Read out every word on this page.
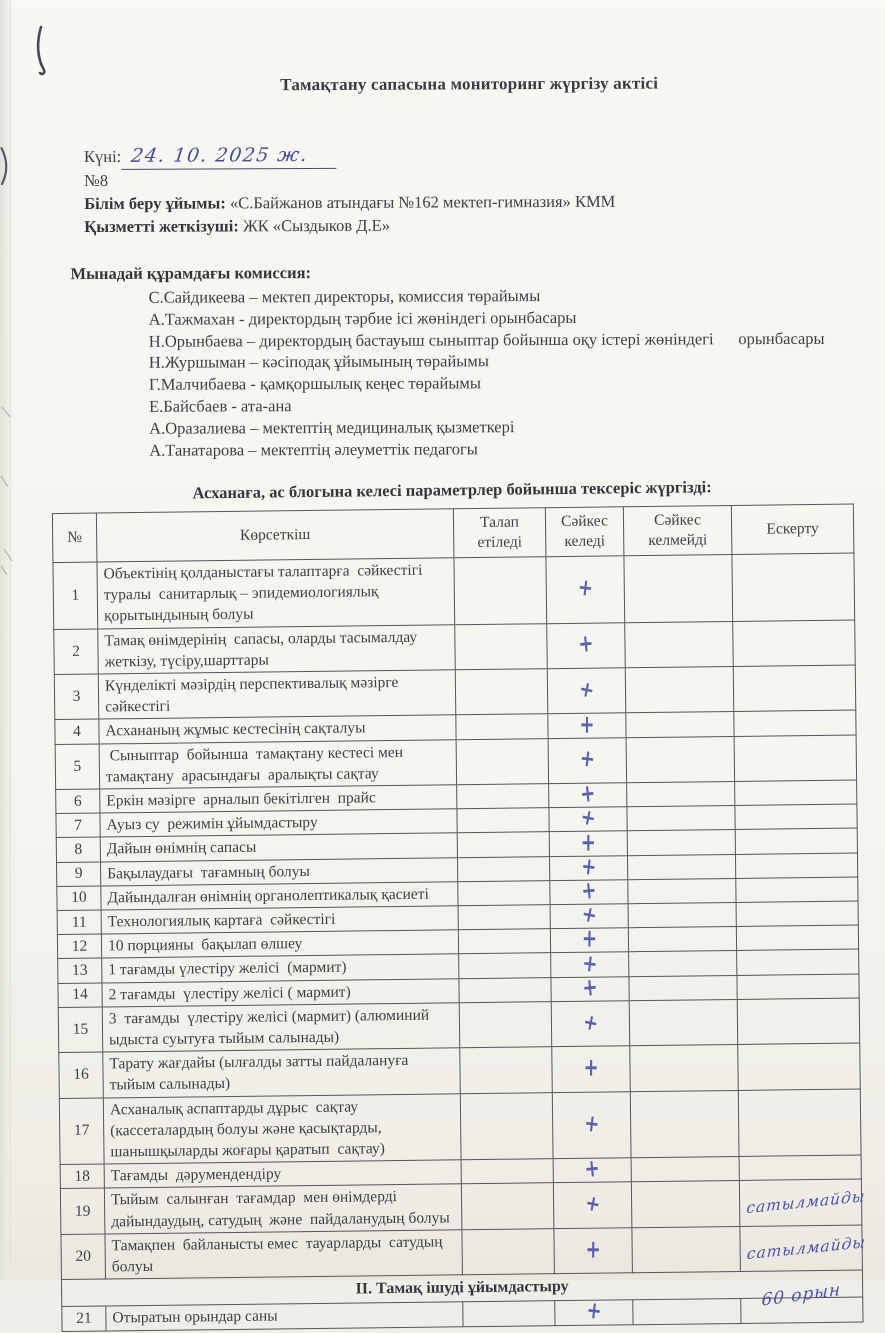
Тамақтану сапасына мониторинг жүргізу актісі
Күні: 24. 10. 2025 ж.
№8
Білім беру ұйымы: «С.Байжанов атындағы №162 мектеп-гимназия» КММ
Қызметті жеткізуші: ЖК «Сыздыков Д.Е»
Мынадай құрамдағы комиссия:
С.Сайдикеева – мектеп директоры, комиссия төрайымы
А.Тажмахан - директордың тәрбие ісі жөніндегі орынбасары
Н.Орынбаева – директордың бастауыш сыныптар бойынша оқу істері жөніндегі      орынбасары
Н.Журшыман – кәсіподақ ұйымының төрайымы
Г.Малчибаева - қамқоршылық кеңес төрайымы
Е.Байсбаев - ата-ана
А.Оразалиева – мектептің медициналық қызметкері
А.Танатарова – мектептің әлеуметтік педагогы
Асханаға, ас блогына келесі параметрлер бойынша тексеріс жүргізді:
№	Көрсеткіш	Талап етіледі	Сәйкес келеді	Сәйкес келмейді	Ескерту
1	Объектінің қолданыстағы талаптарға  сәйкестігі туралы  санитарлық – эпидемиологиялық қорытындының болуы		+		
2	Тамақ өнімдерінің  сапасы, оларды тасымалдау жеткізу, түсіру,шарттары		+		
3	Күнделікті мәзірдің перспективалық мәзірге сәйкестігі		+		
4	Асхананың жұмыс кестесінің сақталуы		+		
5	Сыныптар  бойынша  тамақтану кестесі мен тамақтану  арасындағы  аралықты сақтау		+		
6	Еркін мәзірге  арналып бекітілген  прайс		+		
7	Ауыз су  режимін ұйымдастыру		+		
8	Дайын өнімнің сапасы		+		
9	Бақылаудағы  тағамның болуы		+		
10	Дайындалған өнімнің органолептикалық қасиеті		+		
11	Технологиялық картаға  сәйкестігі		+		
12	10 порцияны  бақылап өлшеу		+		
13	1 тағамды үлестіру желісі  (мармит)		+		
14	2 тағамды  үлестіру желісі ( мармит)		+		
15	3  тағамды  үлестіру желісі (мармит) (алюминий ыдыста суытуға тыйым салынады)		+		
16	Тарату жағдайы (ылғалды затты пайдалануға тыйым салынады)		+		
17	Асханалық аспаптарды дұрыс  сақтау (кассеталардың болуы және қасықтарды, шанышқыларды жоғары қаратып  сақтау)		+		
18	Тағамды  дәрумендендіру		+		
19	Тыйым  салынған  тағамдар  мен өнімдерді дайындаудың, сатудың  және  пайдаланудың болуы		+		сатылмайды
20	Тамақпен  байланысты емес  тауарларды  сатудың болуы		+		сатылмайды
ІІ. Тамақ ішуді ұйымдастыру					
21	Отыратын орындар саны		+		60 орын
